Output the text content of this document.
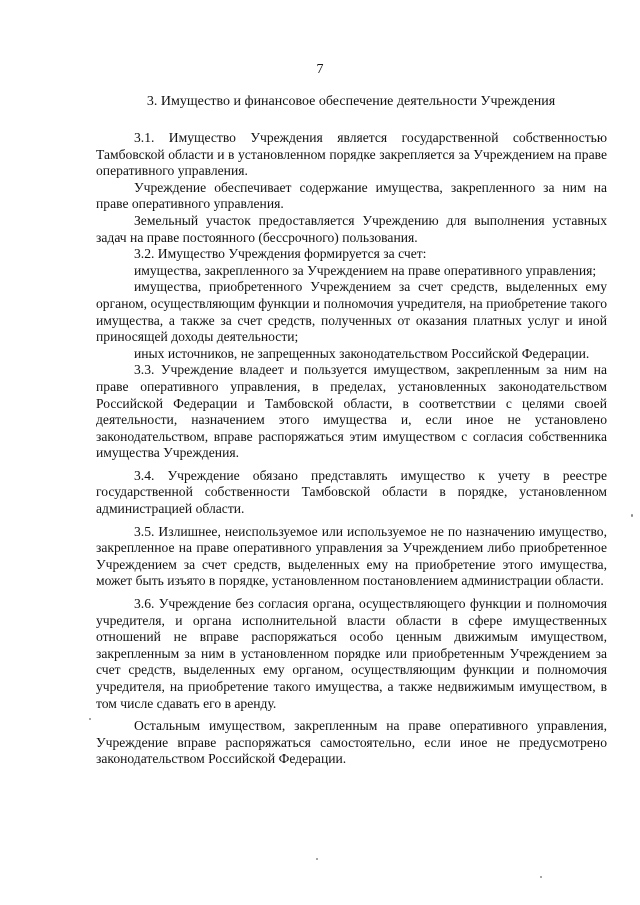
7
3. Имущество и финансовое обеспечение деятельности Учреждения

3.1. Имущество Учреждения является государственной собственностью Тамбовской области и в установленном порядке закрепляется за Учреждением на праве оперативного управления.

Учреждение обеспечивает содержание имущества, закрепленного за ним на праве оперативного управления.

Земельный участок предоставляется Учреждению для выполнения уставных задач на праве постоянного (бессрочного) пользования.

3.2. Имущество Учреждения формируется за счет:

имущества, закрепленного за Учреждением на праве оперативного управления;

имущества, приобретенного Учреждением за счет средств, выделенных ему органом, осуществляющим функции и полномочия учредителя, на приобретение такого имущества, а также за счет средств, полученных от оказания платных услуг и иной приносящей доходы деятельности;

иных источников, не запрещенных законодательством Российской Федерации.

3.3. Учреждение владеет и пользуется имуществом, закрепленным за ним на праве оперативного управления, в пределах, установленных законодательством Российской Федерации и Тамбовской области, в соответствии с целями своей деятельности, назначением этого имущества и, если иное не установлено законодательством, вправе распоряжаться этим имуществом с согласия собственника имущества Учреждения.

3.4. Учреждение обязано представлять имущество к учету в реестре государственной собственности Тамбовской области в порядке, установленном администрацией области.

3.5. Излишнее, неиспользуемое или используемое не по назначению имущество, закрепленное на праве оперативного управления за Учреждением либо приобретенное Учреждением за счет средств, выделенных ему на приобретение этого имущества, может быть изъято в порядке, установленном постановлением администрации области.

3.6. Учреждение без согласия органа, осуществляющего функции и полномочия учредителя, и органа исполнительной власти области в сфере имущественных отношений не вправе распоряжаться особо ценным движимым имуществом, закрепленным за ним в установленном порядке или приобретенным Учреждением за счет средств, выделенных ему органом, осуществляющим функции и полномочия учредителя, на приобретение такого имущества, а также недвижимым имуществом, в том числе сдавать его в аренду.

Остальным имуществом, закрепленным на праве оперативного управления, Учреждение вправе распоряжаться самостоятельно, если иное не предусмотрено законодательством Российской Федерации.
